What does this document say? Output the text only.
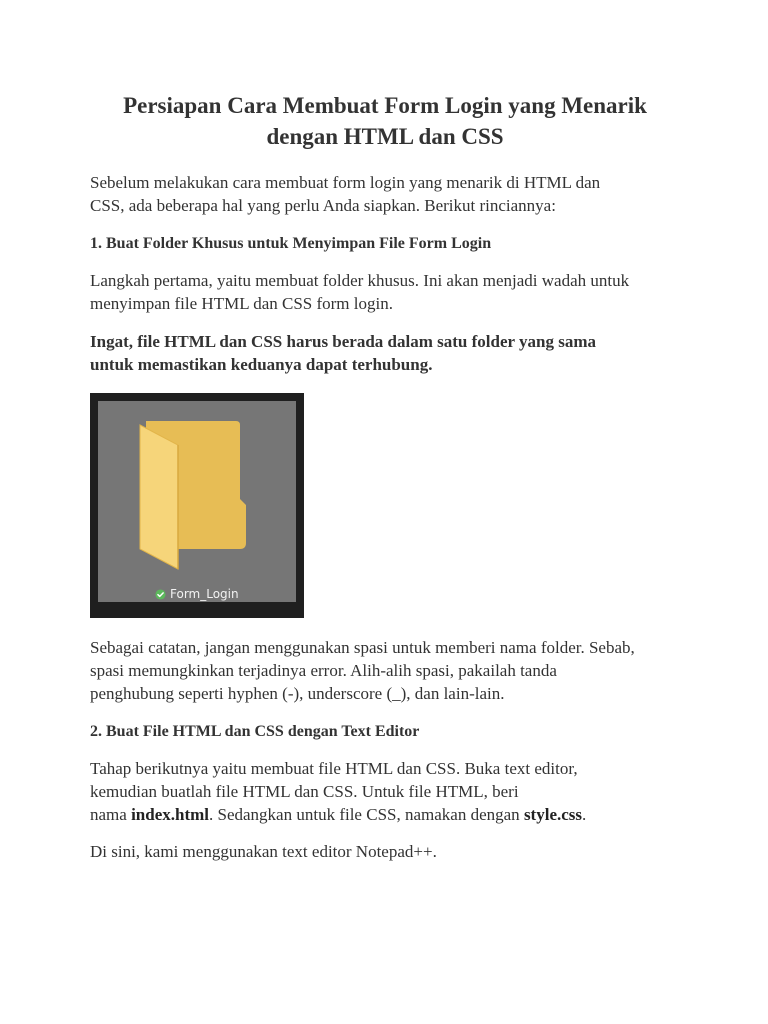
Persiapan Cara Membuat Form Login yang Menarik
dengan HTML dan CSS

Sebelum melakukan cara membuat form login yang menarik di HTML dan
CSS, ada beberapa hal yang perlu Anda siapkan. Berikut rinciannya:

1. Buat Folder Khusus untuk Menyimpan File Form Login

Langkah pertama, yaitu membuat folder khusus. Ini akan menjadi wadah untuk
menyimpan file HTML dan CSS form login.

Ingat, file HTML dan CSS harus berada dalam satu folder yang sama
untuk memastikan keduanya dapat terhubung.

Form_Login

Sebagai catatan, jangan menggunakan spasi untuk memberi nama folder. Sebab,
spasi memungkinkan terjadinya error. Alih-alih spasi, pakailah tanda
penghubung seperti hyphen (-), underscore (_), dan lain-lain.

2. Buat File HTML dan CSS dengan Text Editor

Tahap berikutnya yaitu membuat file HTML dan CSS. Buka text editor,
kemudian buatlah file HTML dan CSS. Untuk file HTML, beri
nama index.html. Sedangkan untuk file CSS, namakan dengan style.css.

Di sini, kami menggunakan text editor Notepad++.
